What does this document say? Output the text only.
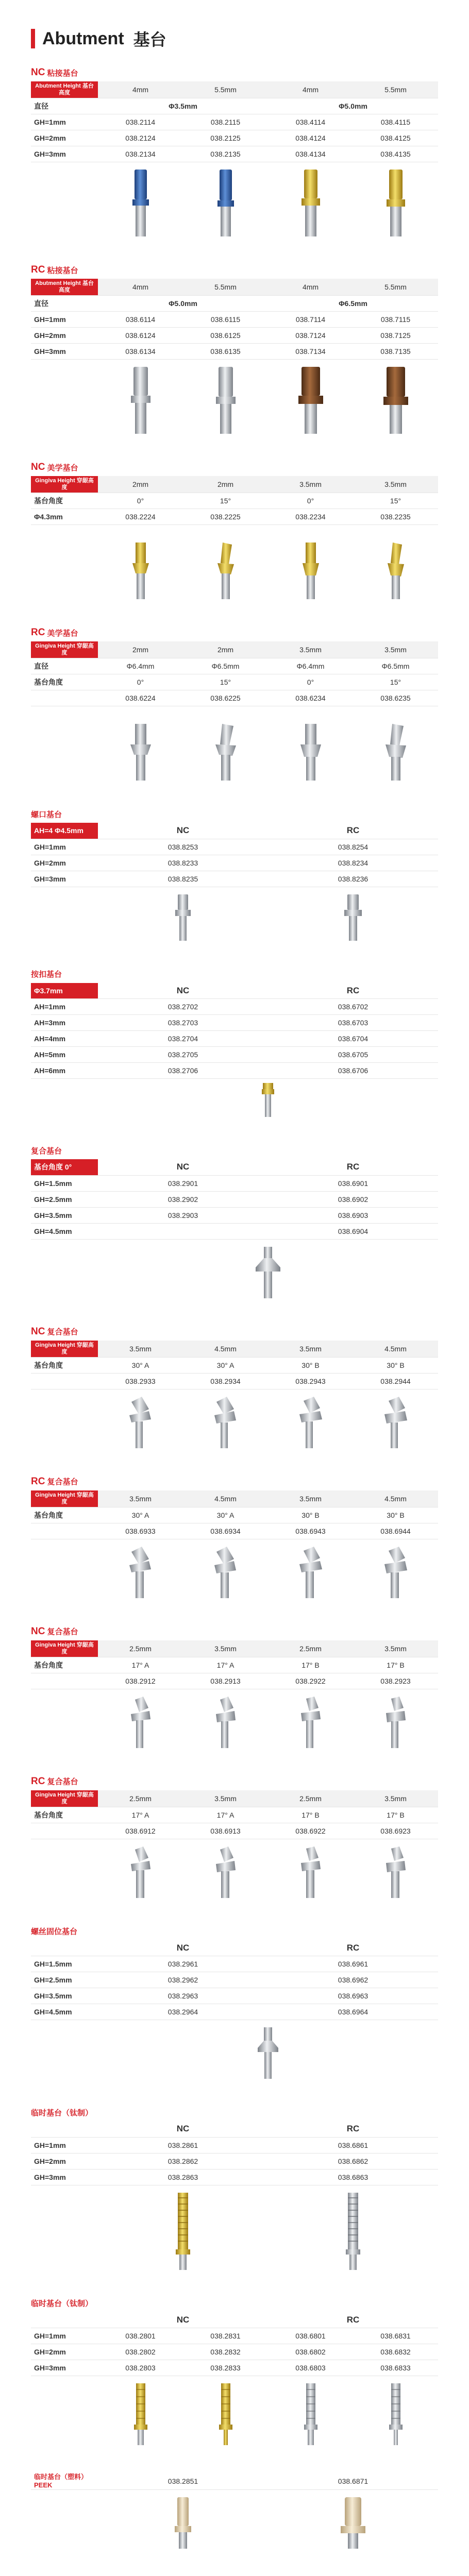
Abutment 基台
NC 粘接基台
Abutment Height 基台高度	4mm	5.5mm	4mm	5.5mm
直径	Φ3.5mm		Φ5.0mm	
GH=1mm	038.2114	038.2115	038.4114	038.4115
GH=2mm	038.2124	038.2125	038.4124	038.4125
GH=3mm	038.2134	038.2135	038.4134	038.4135
RC 粘接基台
Abutment Height 基台高度	4mm	5.5mm	4mm	5.5mm
直径	Φ5.0mm		Φ6.5mm	
GH=1mm	038.6114	038.6115	038.7114	038.7115
GH=2mm	038.6124	038.6125	038.7124	038.7125
GH=3mm	038.6134	038.6135	038.7134	038.7135
NC 美学基台
Gingiva Height 穿龈高度	2mm	2mm	3.5mm	3.5mm
基台角度	0°	15°	0°	15°
Φ4.3mm	038.2224	038.2225	038.2234	038.2235
RC 美学基台
Gingiva Height 穿龈高度	2mm	2mm	3.5mm	3.5mm
直径	Φ6.4mm	Φ6.5mm	Φ6.4mm	Φ6.5mm
基台角度	0°	15°	0°	15°
	038.6224	038.6225	038.6234	038.6235
螺口基台
AH=4 Φ4.5mm	NC	RC
GH=1mm	038.8253	038.8254
GH=2mm	038.8233	038.8234
GH=3mm	038.8235	038.8236
按扣基台
Φ3.7mm	NC	RC
AH=1mm	038.2702	038.6702
AH=3mm	038.2703	038.6703
AH=4mm	038.2704	038.6704
AH=5mm	038.2705	038.6705
AH=6mm	038.2706	038.6706
复合基台
基台角度 0°	NC	RC
GH=1.5mm	038.2901	038.6901
GH=2.5mm	038.2902	038.6902
GH=3.5mm	038.2903	038.6903
GH=4.5mm		038.6904
NC 复合基台
Gingiva Height 穿龈高度	3.5mm	4.5mm	3.5mm	4.5mm
基台角度	30° A	30° A	30° B	30° B
	038.2933	038.2934	038.2943	038.2944
RC 复合基台
Gingiva Height 穿龈高度	3.5mm	4.5mm	3.5mm	4.5mm
基台角度	30° A	30° A	30° B	30° B
	038.6933	038.6934	038.6943	038.6944
NC 复合基台
Gingiva Height 穿龈高度	2.5mm	3.5mm	2.5mm	3.5mm
基台角度	17° A	17° A	17° B	17° B
	038.2912	038.2913	038.2922	038.2923
RC 复合基台
Gingiva Height 穿龈高度	2.5mm	3.5mm	2.5mm	3.5mm
基台角度	17° A	17° A	17° B	17° B
	038.6912	038.6913	038.6922	038.6923
螺丝固位基台
	NC	RC
GH=1.5mm	038.2961	038.6961
GH=2.5mm	038.2962	038.6962
GH=3.5mm	038.2963	038.6963
GH=4.5mm	038.2964	038.6964
临时基台（钛制）
	NC	RC
GH=1mm	038.2861	038.6861
GH=2mm	038.2862	038.6862
GH=3mm	038.2863	038.6863
临时基台（钛制）
	NC		RC	
GH=1mm	038.2801	038.2831	038.6801	038.6831
GH=2mm	038.2802	038.2832	038.6802	038.6832
GH=3mm	038.2803	038.2833	038.6803	038.6833
临时基台（塑料） PEEK	038.2851	038.6871
